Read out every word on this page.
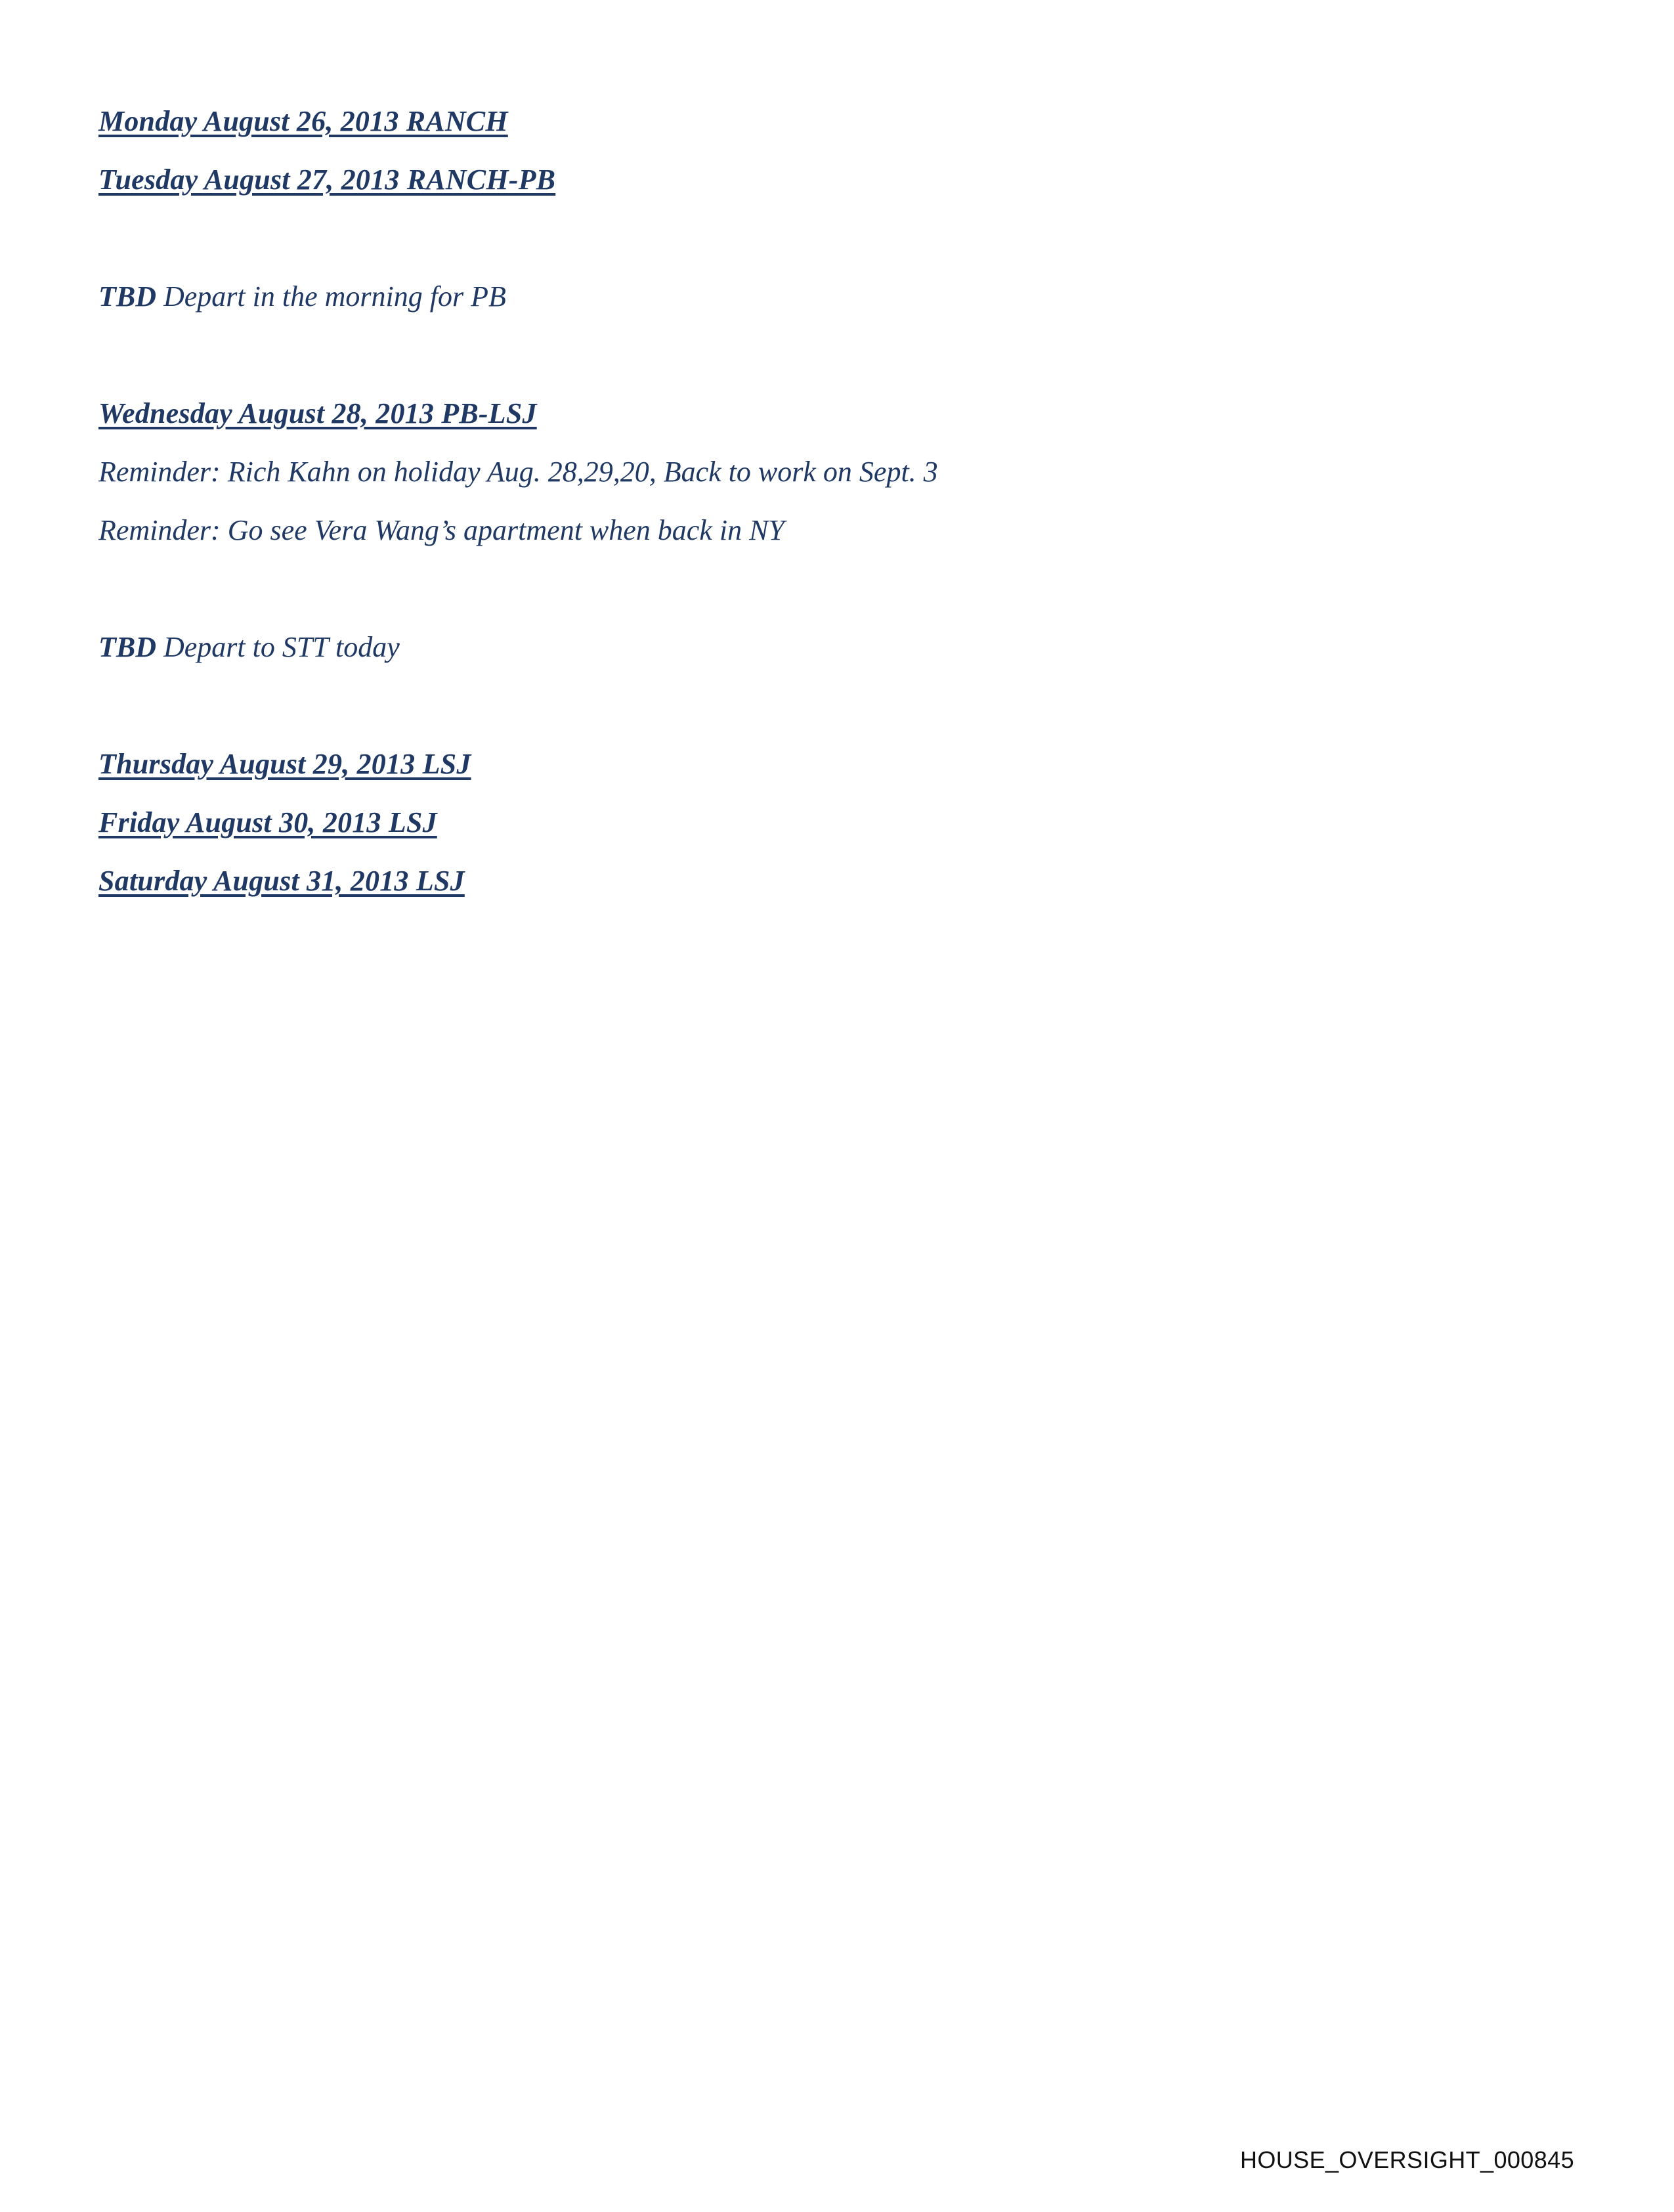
Monday August 26, 2013 RANCH
Tuesday August 27, 2013 RANCH-PB
TBD Depart in the morning for PB
Wednesday August 28, 2013 PB-LSJ
Reminder: Rich Kahn on holiday Aug. 28,29,20, Back to work on Sept. 3
Reminder: Go see Vera Wang’s apartment when back in NY
TBD Depart to STT today
Thursday August 29, 2013 LSJ
Friday August 30, 2013 LSJ
Saturday August 31, 2013 LSJ
HOUSE_OVERSIGHT_000845
